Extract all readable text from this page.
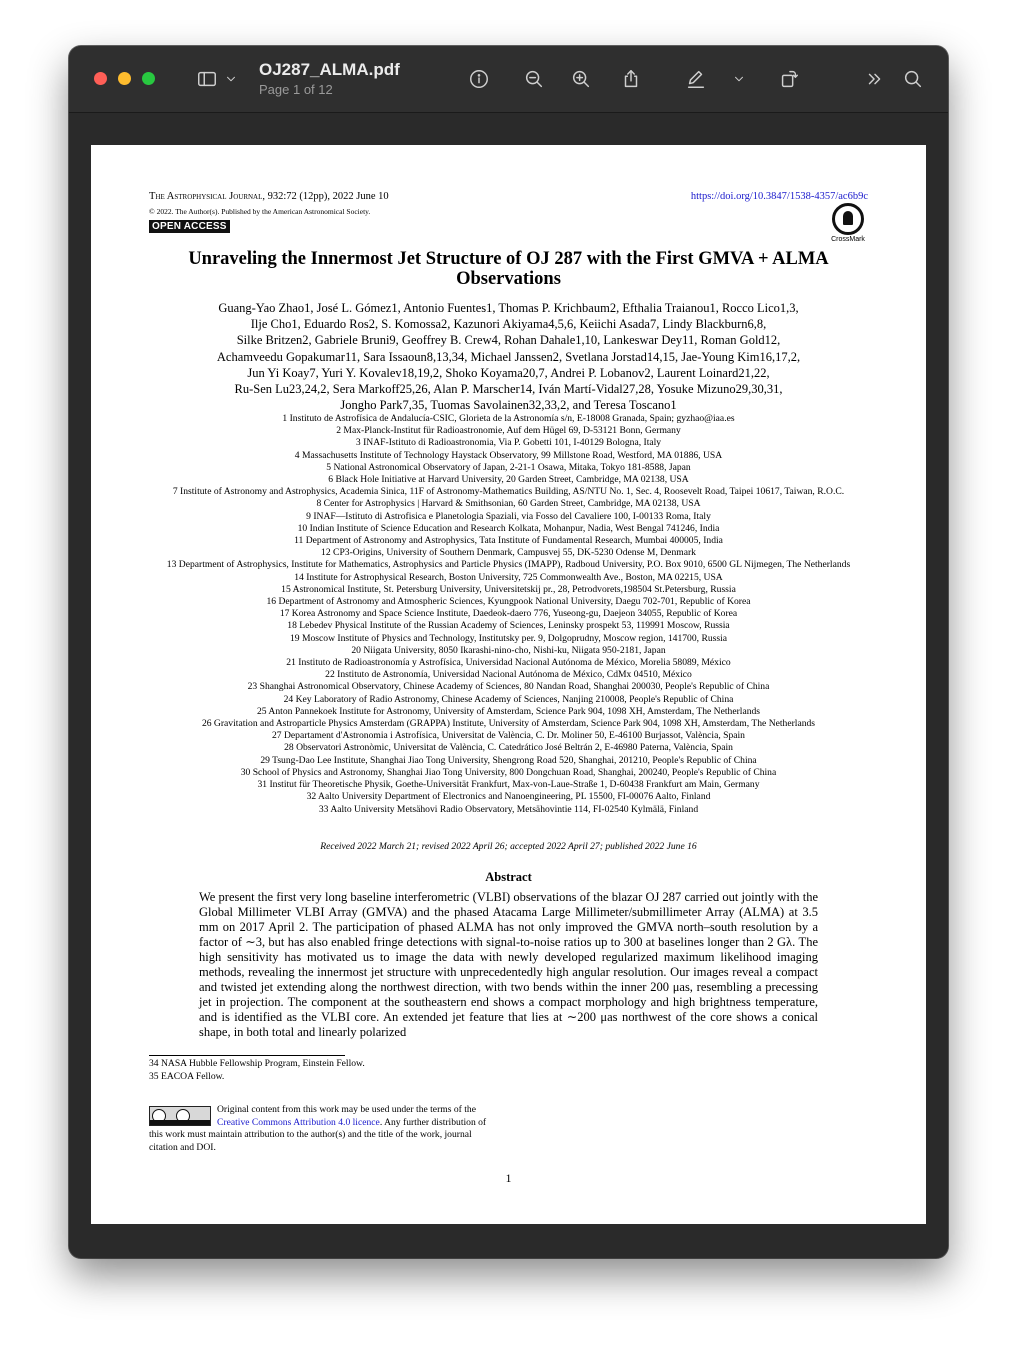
OJ287_ALMA.pdf
Page 1 of 12
The Astrophysical Journal, 932:72 (12pp), 2022 June 10	https://doi.org/10.3847/1538-4357/ac6b9c
© 2022. The Author(s). Published by the American Astronomical Society.
OPEN ACCESS
CrossMark
Unraveling the Innermost Jet Structure of OJ 287 with the First GMVA + ALMA Observations
Guang-Yao Zhao1, José L. Gómez1, Antonio Fuentes1, Thomas P. Krichbaum2, Efthalia Traianou1, Rocco Lico1,3,
Ilje Cho1, Eduardo Ros2, S. Komossa2, Kazunori Akiyama4,5,6, Keiichi Asada7, Lindy Blackburn6,8,
Silke Britzen2, Gabriele Bruni9, Geoffrey B. Crew4, Rohan Dahale1,10, Lankeswar Dey11, Roman Gold12,
Achamveedu Gopakumar11, Sara Issaoun8,13,34, Michael Janssen2, Svetlana Jorstad14,15, Jae-Young Kim16,17,2,
Jun Yi Koay7, Yuri Y. Kovalev18,19,2, Shoko Koyama20,7, Andrei P. Lobanov2, Laurent Loinard21,22,
Ru-Sen Lu23,24,2, Sera Markoff25,26, Alan P. Marscher14, Iván Martí-Vidal27,28, Yosuke Mizuno29,30,31,
Jongho Park7,35, Tuomas Savolainen32,33,2, and Teresa Toscano1
1 Instituto de Astrofísica de Andalucía-CSIC, Glorieta de la Astronomía s/n, E-18008 Granada, Spain; gyzhao@iaa.es
2 Max-Planck-Institut für Radioastronomie, Auf dem Hügel 69, D-53121 Bonn, Germany
3 INAF-Istituto di Radioastronomia, Via P. Gobetti 101, I-40129 Bologna, Italy
4 Massachusetts Institute of Technology Haystack Observatory, 99 Millstone Road, Westford, MA 01886, USA
5 National Astronomical Observatory of Japan, 2-21-1 Osawa, Mitaka, Tokyo 181-8588, Japan
6 Black Hole Initiative at Harvard University, 20 Garden Street, Cambridge, MA 02138, USA
7 Institute of Astronomy and Astrophysics, Academia Sinica, 11F of Astronomy-Mathematics Building, AS/NTU No. 1, Sec. 4, Roosevelt Road, Taipei 10617, Taiwan, R.O.C.
8 Center for Astrophysics | Harvard & Smithsonian, 60 Garden Street, Cambridge, MA 02138, USA
9 INAF—Istituto di Astrofisica e Planetologia Spaziali, via Fosso del Cavaliere 100, I-00133 Roma, Italy
10 Indian Institute of Science Education and Research Kolkata, Mohanpur, Nadia, West Bengal 741246, India
11 Department of Astronomy and Astrophysics, Tata Institute of Fundamental Research, Mumbai 400005, India
12 CP3-Origins, University of Southern Denmark, Campusvej 55, DK-5230 Odense M, Denmark
13 Department of Astrophysics, Institute for Mathematics, Astrophysics and Particle Physics (IMAPP), Radboud University, P.O. Box 9010, 6500 GL Nijmegen, The Netherlands
14 Institute for Astrophysical Research, Boston University, 725 Commonwealth Ave., Boston, MA 02215, USA
15 Astronomical Institute, St. Petersburg University, Universitetskij pr., 28, Petrodvorets,198504 St.Petersburg, Russia
16 Department of Astronomy and Atmospheric Sciences, Kyungpook National University, Daegu 702-701, Republic of Korea
17 Korea Astronomy and Space Science Institute, Daedeok-daero 776, Yuseong-gu, Daejeon 34055, Republic of Korea
18 Lebedev Physical Institute of the Russian Academy of Sciences, Leninsky prospekt 53, 119991 Moscow, Russia
19 Moscow Institute of Physics and Technology, Institutsky per. 9, Dolgoprudny, Moscow region, 141700, Russia
20 Niigata University, 8050 Ikarashi-nino-cho, Nishi-ku, Niigata 950-2181, Japan
21 Instituto de Radioastronomía y Astrofísica, Universidad Nacional Autónoma de México, Morelia 58089, México
22 Instituto de Astronomía, Universidad Nacional Autónoma de México, CdMx 04510, México
23 Shanghai Astronomical Observatory, Chinese Academy of Sciences, 80 Nandan Road, Shanghai 200030, People's Republic of China
24 Key Laboratory of Radio Astronomy, Chinese Academy of Sciences, Nanjing 210008, People's Republic of China
25 Anton Pannekoek Institute for Astronomy, University of Amsterdam, Science Park 904, 1098 XH, Amsterdam, The Netherlands
26 Gravitation and Astroparticle Physics Amsterdam (GRAPPA) Institute, University of Amsterdam, Science Park 904, 1098 XH, Amsterdam, The Netherlands
27 Departament d'Astronomia i Astrofísica, Universitat de València, C. Dr. Moliner 50, E-46100 Burjassot, València, Spain
28 Observatori Astronòmic, Universitat de València, C. Catedrático José Beltrán 2, E-46980 Paterna, València, Spain
29 Tsung-Dao Lee Institute, Shanghai Jiao Tong University, Shengrong Road 520, Shanghai, 201210, People's Republic of China
30 School of Physics and Astronomy, Shanghai Jiao Tong University, 800 Dongchuan Road, Shanghai, 200240, People's Republic of China
31 Institut für Theoretische Physik, Goethe-Universität Frankfurt, Max-von-Laue-Straße 1, D-60438 Frankfurt am Main, Germany
32 Aalto University Department of Electronics and Nanoengineering, PL 15500, FI-00076 Aalto, Finland
33 Aalto University Metsähovi Radio Observatory, Metsähovintie 114, FI-02540 Kylmälä, Finland
Received 2022 March 21; revised 2022 April 26; accepted 2022 April 27; published 2022 June 16
Abstract
We present the first very long baseline interferometric (VLBI) observations of the blazar OJ 287 carried out jointly with the Global Millimeter VLBI Array (GMVA) and the phased Atacama Large Millimeter/submillimeter Array (ALMA) at 3.5 mm on 2017 April 2. The participation of phased ALMA has not only improved the GMVA north–south resolution by a factor of ∼3, but has also enabled fringe detections with signal-to-noise ratios up to 300 at baselines longer than 2 Gλ. The high sensitivity has motivated us to image the data with newly developed regularized maximum likelihood imaging methods, revealing the innermost jet structure with unprecedentedly high angular resolution. Our images reveal a compact and twisted jet extending along the northwest direction, with two bends within the inner 200 μas, resembling a precessing jet in projection. The component at the southeastern end shows a compact morphology and high brightness temperature, and is identified as the VLBI core. An extended jet feature that lies at ∼200 μas northwest of the core shows a conical shape, in both total and linearly polarized
34 NASA Hubble Fellowship Program, Einstein Fellow.
35 EACOA Fellow.
Original content from this work may be used under the terms of the Creative Commons Attribution 4.0 licence. Any further distribution of this work must maintain attribution to the author(s) and the title of the work, journal citation and DOI.
1
